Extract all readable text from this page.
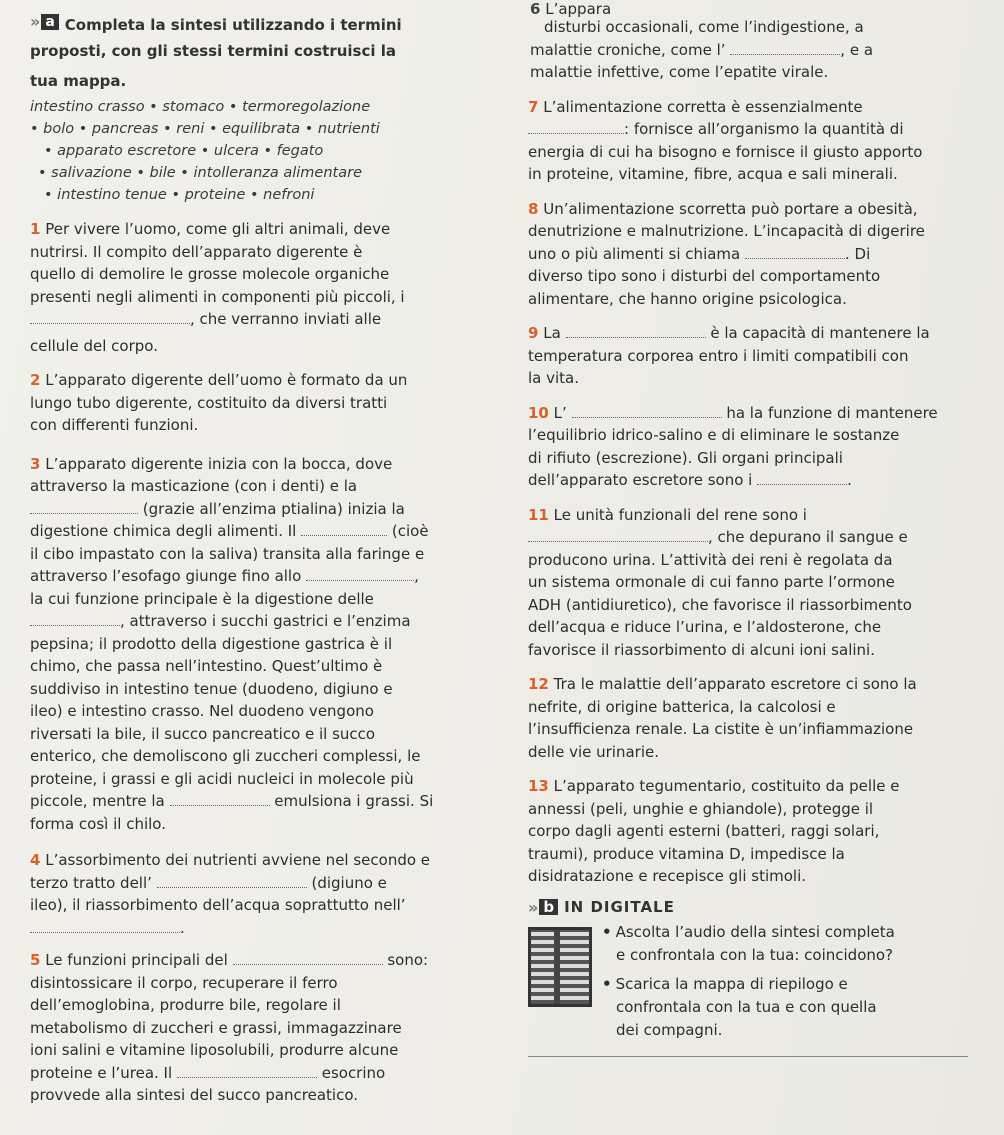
» a Completa la sintesi utilizzando i termini
proposti, con gli stessi termini costruisci la
tua mappa.
intestino crasso • stomaco • termoregolazione
• bolo • pancreas • reni • equilibrata • nutrienti
• apparato escretore • ulcera • fegato
• salivazione • bile • intolleranza alimentare
• intestino tenue • proteine • nefroni

1 Per vivere l’uomo, come gli altri animali, deve

nutrirsi. Il compito dell’apparato digerente è

quello di demolire le grosse molecole organiche

presenti negli alimenti in componenti più piccoli, i

, che verranno inviati alle

cellule del corpo.

2 L’apparato digerente dell’uomo è formato da un

lungo tubo digerente, costituito da diversi tratti

con differenti funzioni.

3 L’apparato digerente inizia con la bocca, dove

attraverso la masticazione (con i denti) e la

(grazie all’enzima ptialina) inizia la

digestione chimica degli alimenti. Il	(cioè

il cibo impastato con la saliva) transita alla faringe e

attraverso l’esofago giunge fino allo	,

la cui funzione principale è la digestione delle

, attraverso i succhi gastrici e l’enzima

pepsina; il prodotto della digestione gastrica è il

chimo, che passa nell’intestino. Quest’ultimo è

suddiviso in intestino tenue (duodeno, digiuno e

ileo) e intestino crasso. Nel duodeno vengono

riversati la bile, il succo pancreatico e il succo

enterico, che demoliscono gli zuccheri complessi, le

proteine, i grassi e gli acidi nucleici in molecole più

piccole, mentre la	emulsiona i grassi. Si

forma così il chilo.

4 L’assorbimento dei nutrienti avviene nel secondo e

terzo tratto dell’	(digiuno e

ileo), il riassorbimento dell’acqua soprattutto nell’

.

5 Le funzioni principali del	sono:

disintossicare il corpo, recuperare il ferro

dell’emoglobina, produrre bile, regolare il

metabolismo di zuccheri e grassi, immagazzinare

ioni salini e vitamine liposolubili, produrre alcune

proteine e l’urea. Il	esocrino

provvede alla sintesi del succo pancreatico.

6 L’appara

disturbi occasionali, come l’indigestione, a

malattie croniche, come l’	, e a

malattie infettive, come l’epatite virale.

7 L’alimentazione corretta è essenzialmente

: fornisce all’organismo la quantità di

energia di cui ha bisogno e fornisce il giusto apporto

in proteine, vitamine, fibre, acqua e sali minerali.

8 Un’alimentazione scorretta può portare a obesità,

denutrizione e malnutrizione. L’incapacità di digerire

uno o più alimenti si chiama	. Di

diverso tipo sono i disturbi del comportamento

alimentare, che hanno origine psicologica.

9 La	è la capacità di mantenere la

temperatura corporea entro i limiti compatibili con

la vita.

10 L’	ha la funzione di mantenere

l’equilibrio idrico-salino e di eliminare le sostanze

di rifiuto (escrezione). Gli organi principali

dell’apparato escretore sono i	.

11 Le unità funzionali del rene sono i

, che depurano il sangue e

producono urina. L’attività dei reni è regolata da

un sistema ormonale di cui fanno parte l’ormone

ADH (antidiuretico), che favorisce il riassorbimento

dell’acqua e riduce l’urina, e l’aldosterone, che

favorisce il riassorbimento di alcuni ioni salini.

12 Tra le malattie dell’apparato escretore ci sono la

nefrite, di origine batterica, la calcolosi e

l’insufficienza renale. La cistite è un’infiammazione

delle vie urinarie.

13 L’apparato tegumentario, costituito da pelle e

annessi (peli, unghie e ghiandole), protegge il

corpo dagli agenti esterni (batteri, raggi solari,

traumi), produce vitamina D, impedisce la

disidratazione e recepisce gli stimoli.

» b IN DIGITALE

• Ascolta l’audio della sintesi completa

e confrontala con la tua: coincidono?

• Scarica la mappa di riepilogo e

confrontala con la tua e con quella

dei compagni.
